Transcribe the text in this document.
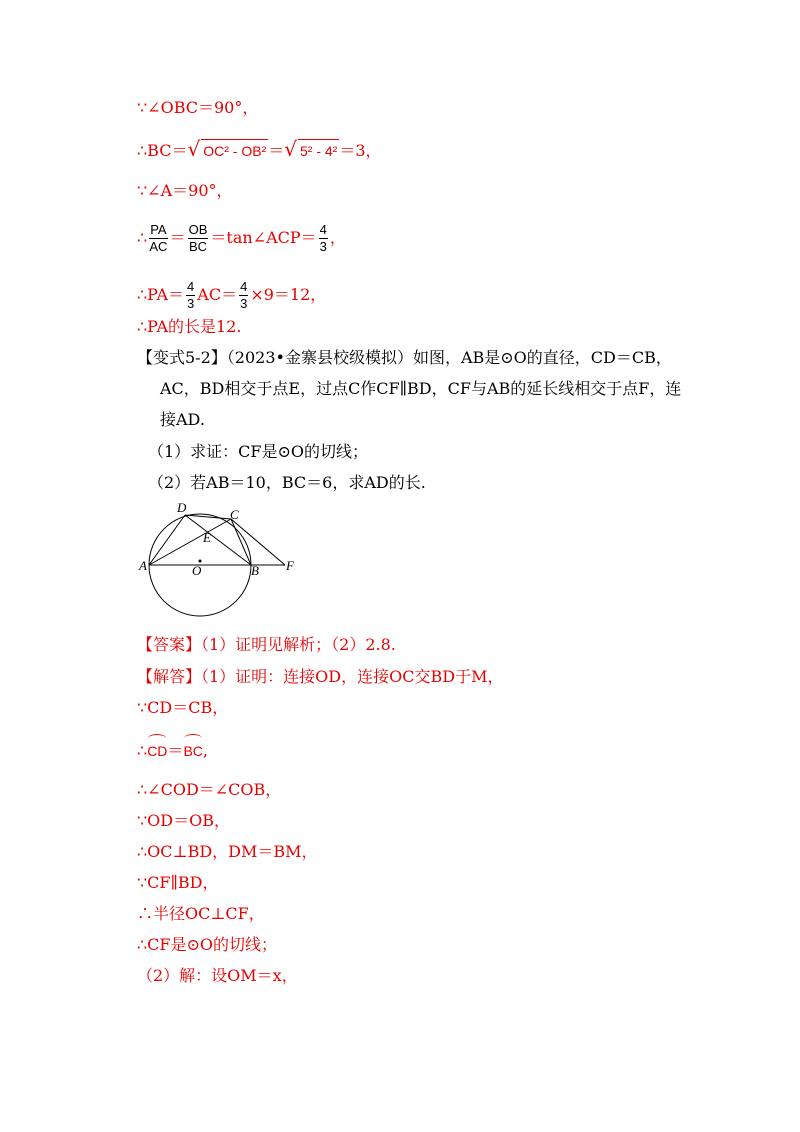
∵∠OBC＝90°，
∴BC＝√ OC² - OB² ＝√ 5² - 4² ＝3，
∵∠A＝90°，
∴ $\frac{PA}{AC} = \frac{OB}{BC}$ ＝tan∠ACP＝ $\frac{4}{3}$ ，
∴PA＝ $\frac{4}{3} AC= \frac{4}{3} \times 9=12$，
∴PA的长是12.
【变式5-2】（2023•金寨县校级模拟）如图，AB是⊙O的直径，CD＝CB，
AC，BD相交于点E，过点C作CF∥BD，CF与AB的延长线相交于点F，连
接AD.
（1）求证：CF是⊙O的切线；
（2）若AB＝10，BC＝6，求AD的长.
D	C
E
A	O	B F
【答案】（1）证明见解析；（2）2.8.
【解答】（1）证明：连接OD，连接OC交BD于M，
∵CD＝CB，
∴CD＝BC,
∴∠COD＝∠COB，
∵OD＝OB，
∴OC⊥BD，DM＝BM，
∵CF∥BD，
∴半径OC⊥CF，
∴CF是⊙O的切线；
（2）解：设OM＝x，
